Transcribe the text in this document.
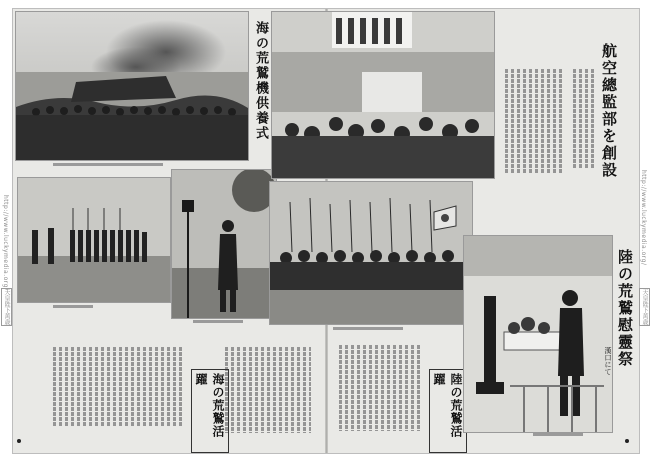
海の荒鷲機供養式
海の荒鷲活躍
航空總監部を創設
陸の荒鷲活躍
陸の荒鷲慰靈祭
漢口にて
http://www.luckymedia.org/	http://www.luckymedia.org/
天皇陛下萬歳	天皇陛下萬歳
